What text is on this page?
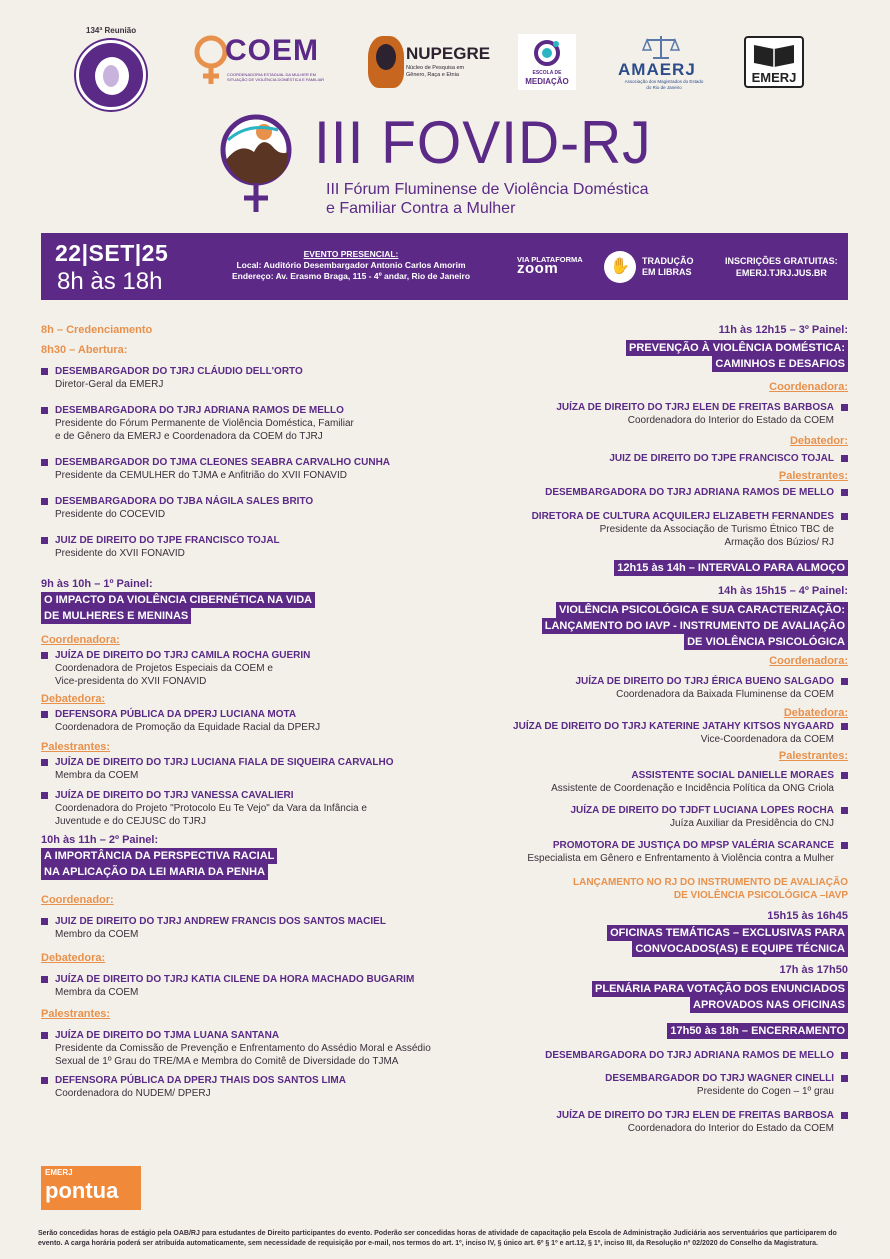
134ª Reunião
COEM
COORDENADORIA ESTADUAL DA MULHER EM SITUAÇÃO DE VIOLÊNCIA DOMÉSTICA E FAMILIAR
NUPEGRE
Núcleo de Pesquisa em Gênero, Raça e Etnia	ESCOLA DE
MEDIAÇÃO
AMAERJ
Associação dos Magistrados do Estado do Rio de Janeiro
EMERJ
III FOVID-RJ
III Fórum Fluminense de Violência Doméstica
e Familiar Contra a Mulher
22|SET|25
8h às 18h
EVENTO PRESENCIAL:
Local: Auditório Desembargador Antonio Carlos Amorim
Endereço: Av. Erasmo Braga, 115 - 4º andar, Rio de Janeiro
VIA PLATAFORMA
zoom	✋	TRADUÇÃO
EM LIBRAS
INSCRIÇÕES GRATUITAS:
EMERJ.TJRJ.JUS.BR
8h – Credenciamento
8h30 – Abertura:
DESEMBARGADOR DO TJRJ CLÁUDIO DELL'ORTO
Diretor-Geral da EMERJ
DESEMBARGADORA DO TJRJ ADRIANA RAMOS DE MELLO
Presidente do Fórum Permanente de Violência Doméstica, Familiar
e de Gênero da EMERJ e Coordenadora da COEM do TJRJ
DESEMBARGADOR DO TJMA CLEONES SEABRA CARVALHO CUNHA
Presidente da CEMULHER do TJMA e Anfitrião do XVII FONAVID
DESEMBARGADORA DO TJBA NÁGILA SALES BRITO
Presidente do COCEVID
JUIZ DE DIREITO DO TJPE FRANCISCO TOJAL
Presidente do XVII FONAVID
9h às 10h – 1º Painel:
O IMPACTO DA VIOLÊNCIA CIBERNÉTICA NA VIDA
DE MULHERES E MENINAS
Coordenadora:
JUÍZA DE DIREITO DO TJRJ CAMILA ROCHA GUERIN
Coordenadora de Projetos Especiais da COEM e
Vice-presidenta do XVII FONAVID
Debatedora:
DEFENSORA PÚBLICA DA DPERJ LUCIANA MOTA
Coordenadora de Promoção da Equidade Racial da DPERJ
Palestrantes:
JUÍZA DE DIREITO DO TJRJ LUCIANA FIALA DE SIQUEIRA CARVALHO
Membra da COEM
JUÍZA DE DIREITO DO TJRJ VANESSA CAVALIERI
Coordenadora do Projeto "Protocolo Eu Te Vejo" da Vara da Infância e
Juventude e do CEJUSC do TJRJ
10h às 11h – 2º Painel:
A IMPORTÂNCIA DA PERSPECTIVA RACIAL
NA APLICAÇÃO DA LEI MARIA DA PENHA
Coordenador:
JUIZ DE DIREITO DO TJRJ ANDREW FRANCIS DOS SANTOS MACIEL
Membro da COEM
Debatedora:
JUÍZA DE DIREITO DO TJRJ KATIA CILENE DA HORA MACHADO BUGARIM
Membra da COEM
Palestrantes:
JUÍZA DE DIREITO DO TJMA LUANA SANTANA
Presidente da Comissão de Prevenção e Enfrentamento do Assédio Moral e Assédio
Sexual de 1º Grau do TRE/MA e Membra do Comitê de Diversidade do TJMA
DEFENSORA PÚBLICA DA DPERJ THAIS DOS SANTOS LIMA
Coordenadora do NUDEM/ DPERJ
11h às 12h15 – 3º Painel:
PREVENÇÃO À VIOLÊNCIA DOMÉSTICA:
CAMINHOS E DESAFIOS
Coordenadora:
JUÍZA DE DIREITO DO TJRJ ELEN DE FREITAS BARBOSA
Coordenadora do Interior do Estado da COEM
Debatedor:
JUIZ DE DIREITO DO TJPE FRANCISCO TOJAL
Palestrantes:
DESEMBARGADORA DO TJRJ ADRIANA RAMOS DE MELLO
DIRETORA DE CULTURA ACQUILERJ ELIZABETH FERNANDES
Presidente da Associação de Turismo Étnico TBC de
Armação dos Búzios/ RJ
12h15 às 14h – INTERVALO PARA ALMOÇO
14h às 15h15 – 4º Painel:
VIOLÊNCIA PSICOLÓGICA E SUA CARACTERIZAÇÃO:
LANÇAMENTO DO IAVP - INSTRUMENTO DE AVALIAÇÃO
DE VIOLÊNCIA PSICOLÓGICA
Coordenadora:
JUÍZA DE DIREITO DO TJRJ ÉRICA BUENO SALGADO
Coordenadora da Baixada Fluminense da COEM
Debatedora:
JUÍZA DE DIREITO DO TJRJ KATERINE JATAHY KITSOS NYGAARD
Vice-Coordenadora da COEM
Palestrantes:
ASSISTENTE SOCIAL DANIELLE MORAES
Assistente de Coordenação e Incidência Política da ONG Criola
JUÍZA DE DIREITO DO TJDFT LUCIANA LOPES ROCHA
Juíza Auxiliar da Presidência do CNJ
PROMOTORA DE JUSTIÇA DO MPSP VALÉRIA SCARANCE
Especialista em Gênero e Enfrentamento à Violência contra a Mulher
LANÇAMENTO NO RJ DO INSTRUMENTO DE AVALIAÇÃO
DE VIOLÊNCIA PSICOLÓGICA –IAVP
15h15 às 16h45
OFICINAS TEMÁTICAS – EXCLUSIVAS PARA
CONVOCADOS(AS) E EQUIPE TÉCNICA
17h às 17h50
PLENÁRIA PARA VOTAÇÃO DOS ENUNCIADOS
APROVADOS NAS OFICINAS
17h50 às 18h – ENCERRAMENTO
DESEMBARGADORA DO TJRJ ADRIANA RAMOS DE MELLO
DESEMBARGADOR DO TJRJ WAGNER CINELLI
Presidente do Cogen – 1º grau
JUÍZA DE DIREITO DO TJRJ ELEN DE FREITAS BARBOSA
Coordenadora do Interior do Estado da COEM
EMERJ
pontua
Serão concedidas horas de estágio pela OAB/RJ para estudantes de Direito participantes do evento. Poderão ser concedidas horas de atividade de capacitação pela Escola de Administração Judiciária aos serventuários que participarem do evento. A carga horária poderá ser atribuída automaticamente, sem necessidade de requisição por e-mail, nos termos do art. 1º, inciso IV, § único art. 6º § 1º e art.12, § 1º, inciso III, da Resolução nº 02/2020 do Conselho da Magistratura.
